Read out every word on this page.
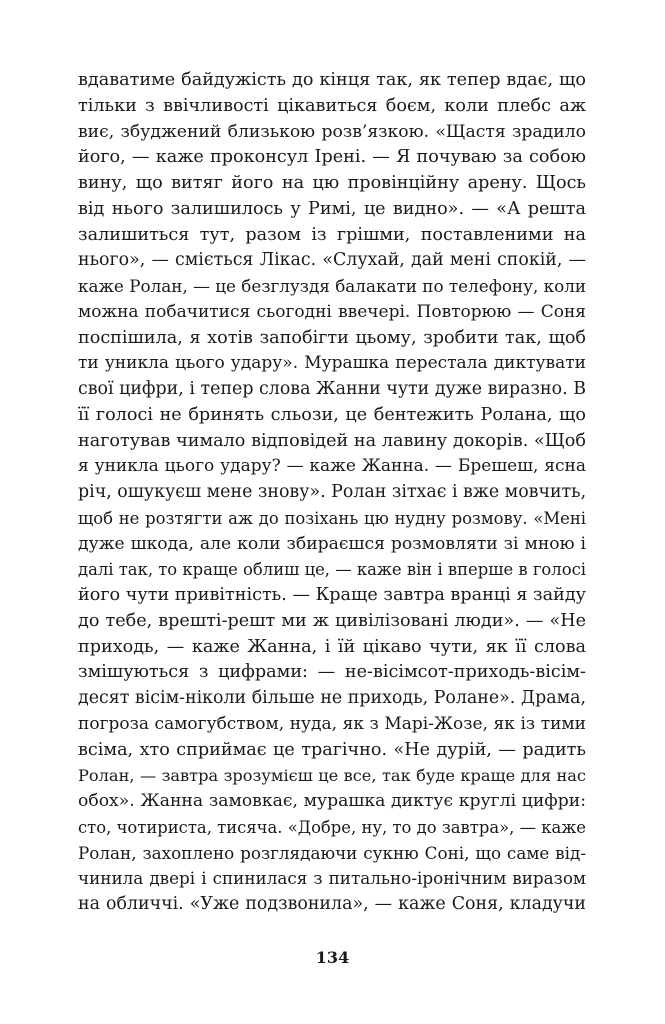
вдаватиме байдужість до кінця так, як тепер вдає, що
тільки з ввічливості цікавиться боєм, коли плебс аж
виє, збуджений близькою розв’язкою. «Щастя зрадило
його, — каже проконсул Ірені. — Я почуваю за собою
вину, що витяг його на цю провінційну арену. Щось
від нього залишилось у Римі, це видно». — «А решта
залишиться тут, разом із грішми, поставленими на
нього», — сміється Лікас. «Слухай, дай мені спокій, —
каже Ролан, — це безглуздя балакати по телефону, коли
можна побачитися сьогодні ввечері. Повторюю — Соня
поспішила, я хотів запобігти цьому, зробити так, щоб
ти уникла цього удару». Мурашка перестала диктувати
свої цифри, і тепер слова Жанни чути дуже виразно. В
її голосі не бринять сльози, це бентежить Ролана, що
наготував чимало відповідей на лавину докорів. «Щоб
я уникла цього удару? — каже Жанна. — Брешеш, ясна
річ, ошукуєш мене знову». Ролан зітхає і вже мовчить,
щоб не розтягти аж до позіхань цю нудну розмову. «Мені
дуже шкода, але коли збираєшся розмовляти зі мною і
далі так, то краще облиш це, — каже він і вперше в голосі
його чути привітність. — Краще завтра вранці я зайду
до тебе, врешті-решт ми ж цивілізовані люди». — «Не
приходь, — каже Жанна, і їй цікаво чути, як її слова
змішуються з цифрами: — не-вісімсот-приходь-вісім-
десят вісім-ніколи більше не приходь, Ролане». Драма,
погроза самогубством, нуда, як з Марі-Жозе, як із тими
всіма, хто сприймає це трагічно. «Не дурій, — радить
Ролан, — завтра зрозумієш це все, так буде краще для нас
обох». Жанна замовкає, мурашка диктує круглі цифри:
сто, чотириста, тисяча. «Добре, ну, то до завтра», — каже
Ролан, захоплено розглядаючи сукню Соні, що саме від-
чинила двері і спинилася з питально-іронічним виразом
на обличчі. «Уже подзвонила», — каже Соня, кладучи
134
